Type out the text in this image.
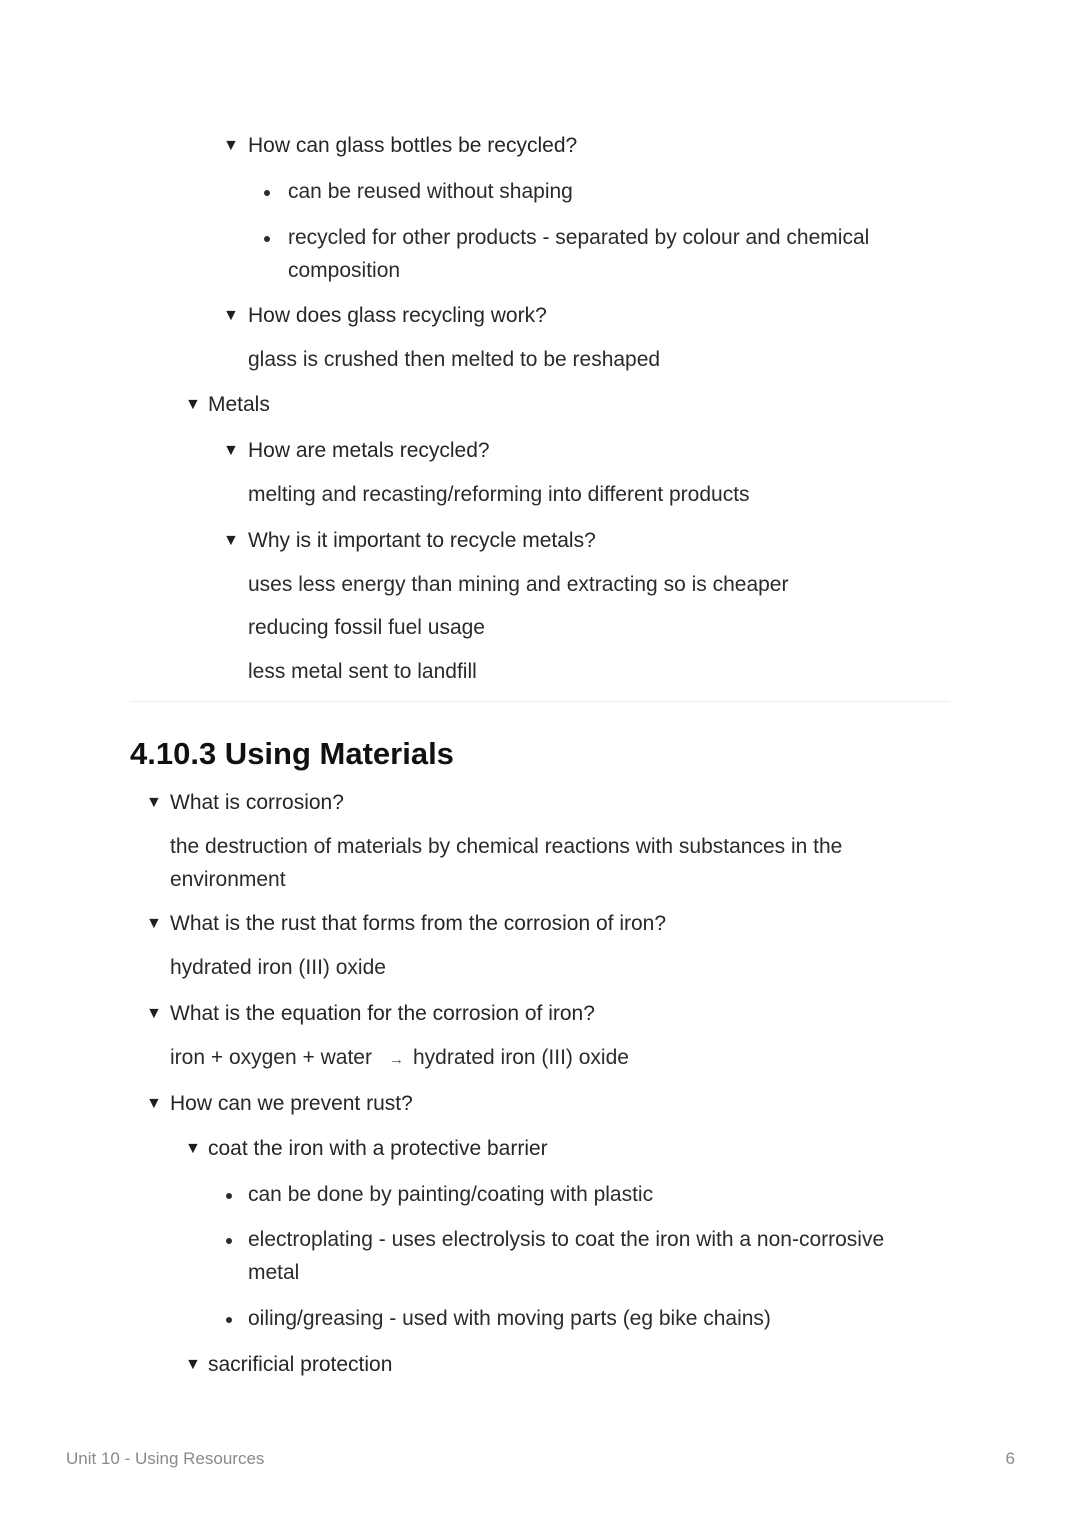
▼ How can glass bottles be recycled?
can be reused without shaping
recycled for other products - separated by colour and chemical
composition
▼ How does glass recycling work?
glass is crushed then melted to be reshaped
▼ Metals
▼ How are metals recycled?
melting and recasting/reforming into different products
▼ Why is it important to recycle metals?
uses less energy than mining and extracting so is cheaper
reducing fossil fuel usage
less metal sent to landfill
4.10.3 Using Materials
▼ What is corrosion?
the destruction of materials by chemical reactions with substances in the
environment
▼ What is the rust that forms from the corrosion of iron?
hydrated iron (III) oxide
▼ What is the equation for the corrosion of iron?
iron + oxygen + water → hydrated iron (III) oxide
▼ How can we prevent rust?
▼ coat the iron with a protective barrier
can be done by painting/coating with plastic
electroplating - uses electrolysis to coat the iron with a non-corrosive
metal
oiling/greasing - used with moving parts (eg bike chains)
▼ sacrificial protection
Unit 10 - Using Resources	6
